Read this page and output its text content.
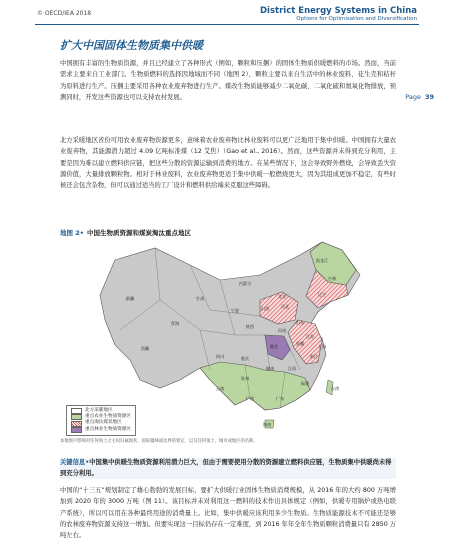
© OECD/IEA 2018	District Energy Systems in China
Options for Optimisation and Diversification
Page 39
扩大中国固体生物质集中供暖

中国拥有丰富的生物质资源，并且已经建立了各种形式（例如，颗粒和压捆）的固体生物质供暖燃料的市场。然而，当前需求主要来自工业部门。生物质燃料的选择因地域而不同（地图 2），颗粒主要以来自生活中的林业废料、花生壳和秸秆为原料进行生产。压捆主要采用各种农业废弃物进行生产。煤改生物质能够减少二氧化碳、二氧化硫和氮氧化物排放，预测同时，开发这些资源也可以支持农村发展。

北方采暖地区省份可用农业废弃物资源更多，意味着农业废弃物比林业废料可以更广泛地用于集中供暖。中国拥有大量农业废弃物，其能源潜力超过 4.09 亿吨标准煤（12 艾焦）（Gao et al., 2016）。然而，这些资源并未得到充分利用，主要是因为难以建立燃料供应链，把这些分散的资源运输到消费的地方。在某些情况下，这会导致野外燃烧，会导致丢失资源价值，大量排放颗粒物。相对于林业废料，农业废弃物更适于集中供暖一般燃烧更大，因为其组成更加不稳定，有些时候还会包含杂物，但可以通过适当的工厂设计和燃料供给端来克服这些障碍。

地图 2• 中国生物质资源和煤炭淘汰重点地区
新疆
西藏
青海
甘肃
内蒙古
黑龙江
吉林
辽宁
北京
河北
山西
陕西
宁夏
山东
河南
江苏
安徽
湖北
四川	重庆
湖南	江西
浙江
福建
贵州
云南
广西	广东
海南
上海
台湾
北方采暖地区
重点农业生物质资源区
重点淘汰煤炭地区
重点林业生物质资源区
本地图不影响对任何领土之主权归属现状、国际疆域或边界的划定、以及任何领土、城市或地区的名称。
关键信息•中国集中供暖生物质资源利用潜力巨大，但由于需要使用分散的资源建立燃料供应链，生物质集中供暖尚未得到充分利用。

中国的“十三五”规划制定了雄心勃勃的发展目标，要扩大供暖行业固体生物质消费规模，从 2016 年的大约 800 万吨增加到 2020 年的 3000 万吨（图 11）。该目标并未对利用这一燃料的技术作出具体规定（例如，供暖专用锅炉或热电联产系统），所以可以用在各种最终用途的消费量上。比如，集中供暖应该利用多少生物质。生物质能源技术不可能还是够的农林废弃物资源支持这一增加。但要实现这一目标仍存在一定难度，到 2016 年年全年生物质颗粒消费量只有 2850 万吨左右。
